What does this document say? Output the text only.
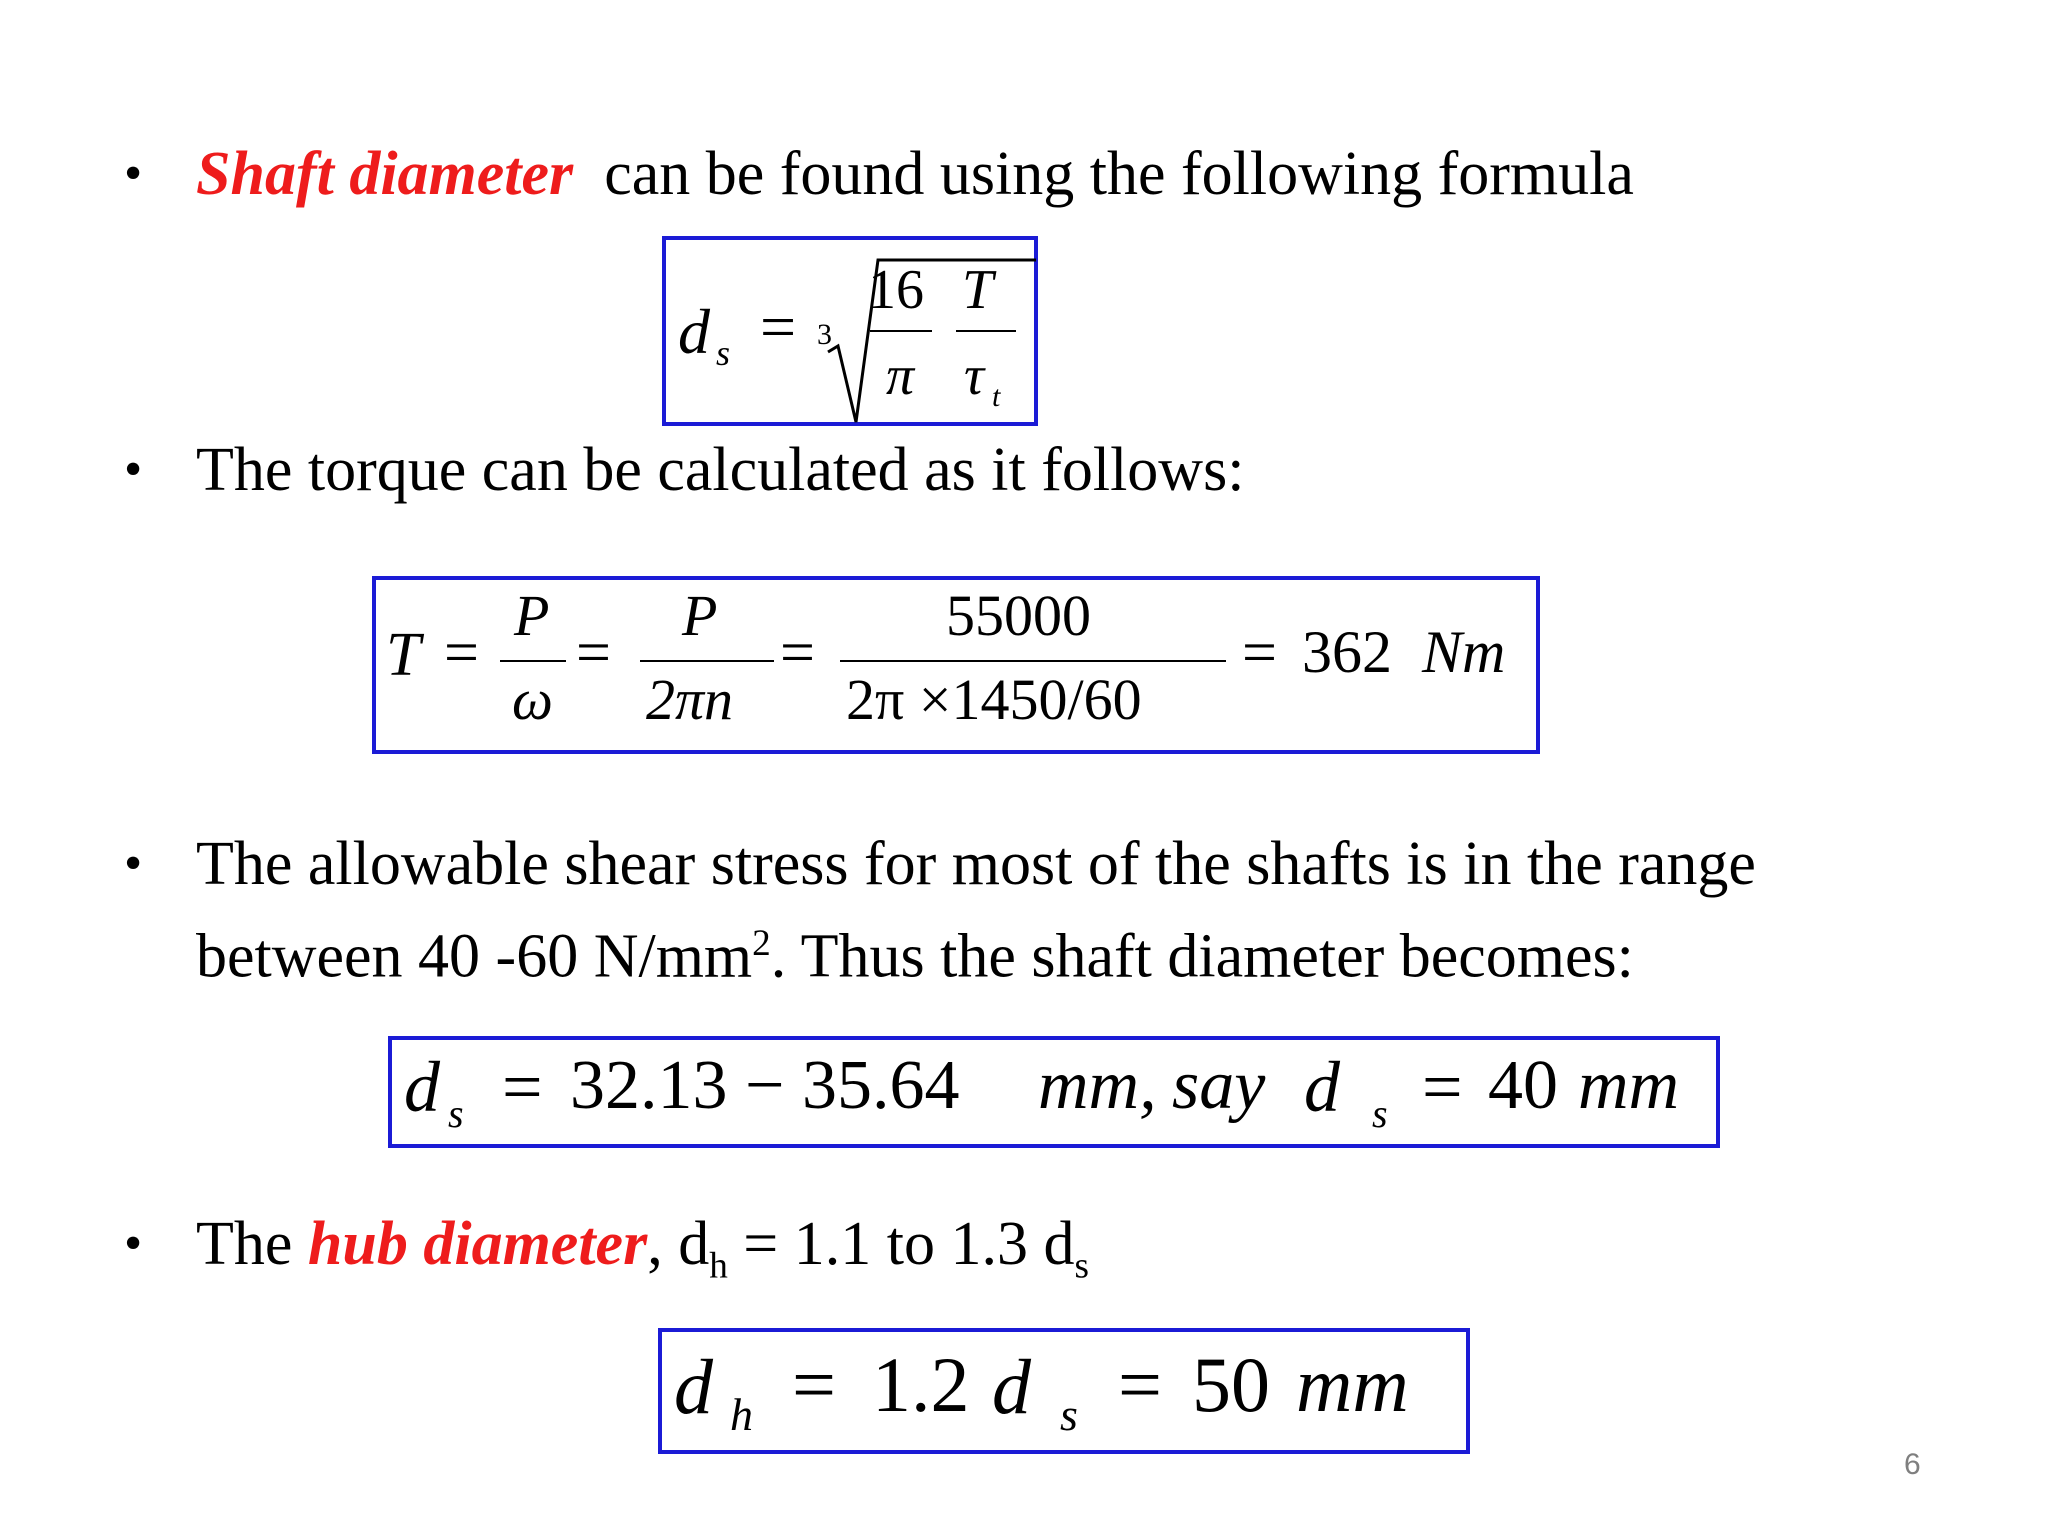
• Shaft diameter can be found using the following formula
d s = 3
16
π
T
τ t
• The torque can be calculated as it follows:
T =
P
ω
=
P
2πn
=
55000
2π ×1450/60
= 362 Nm
• The allowable shear stress for most of the shafts is in the range
between 40 -60 $N/mm^2$. Thus the shaft diameter becomes:
d s = 32.13 − 35.64 mm, say d s = 40 mm
• The hub diameter, $d_h = 1.1$ to 1.3 $d_s$
d h = 1.2 d s = 50 mm
6
